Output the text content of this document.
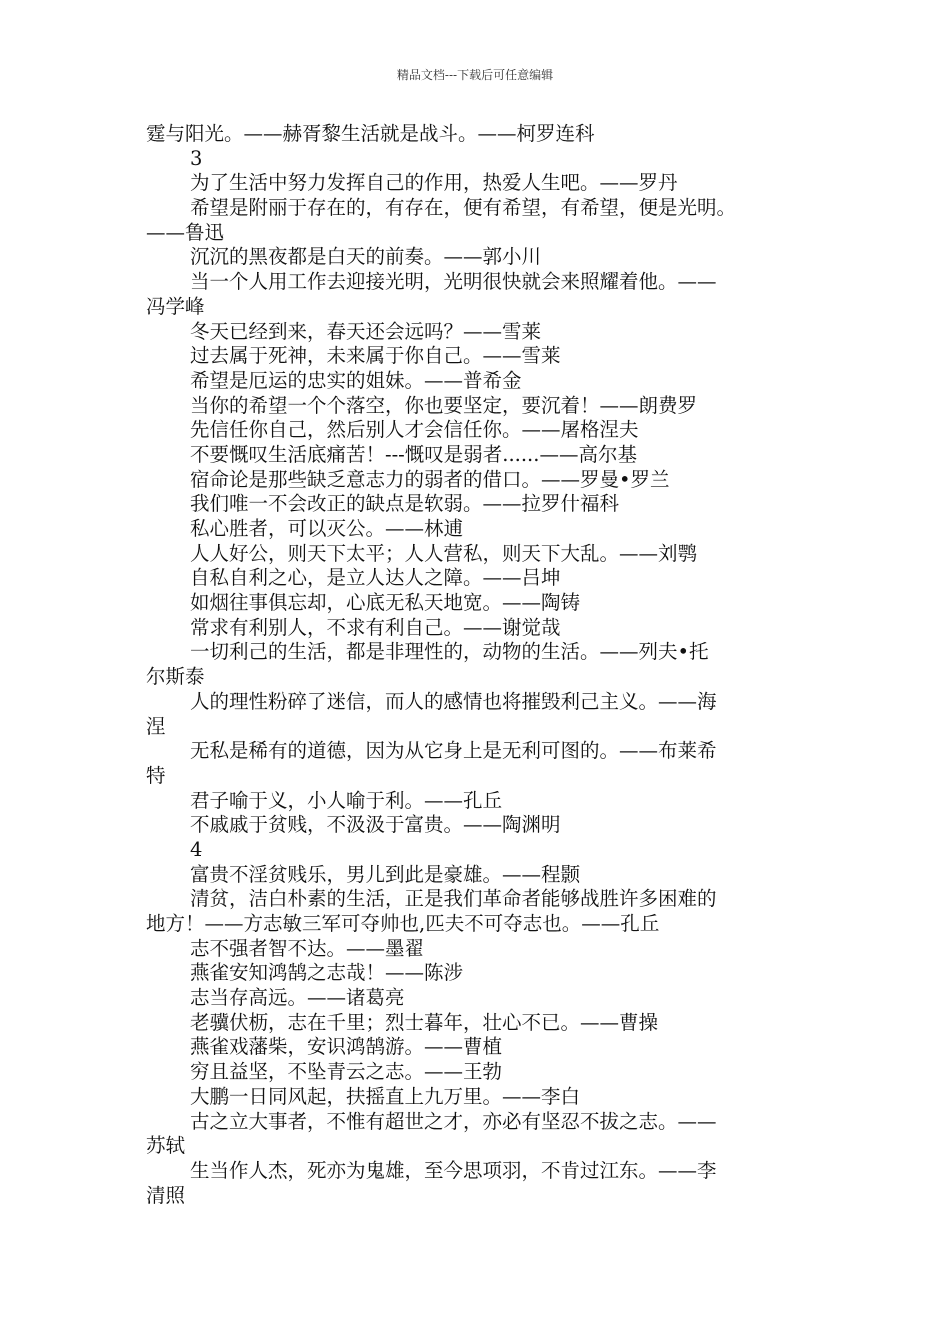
精品文档---下载后可任意编辑
霆与阳光。——赫胥黎生活就是战斗。——柯罗连科
3
为了生活中努力发挥自己的作用，热爱人生吧。——罗丹
希望是附丽于存在的，有存在，便有希望，有希望，便是光明。
——鲁迅
沉沉的黑夜都是白天的前奏。——郭小川
当一个人用工作去迎接光明，光明很快就会来照耀着他。——
冯学峰
冬天已经到来，春天还会远吗？——雪莱
过去属于死神，未来属于你自己。——雪莱
希望是厄运的忠实的姐妹。——普希金
当你的希望一个个落空，你也要坚定，要沉着！——朗费罗
先信任你自己，然后别人才会信任你。——屠格涅夫
不要慨叹生活底痛苦！---慨叹是弱者......——高尔基
宿命论是那些缺乏意志力的弱者的借口。——罗曼•罗兰
我们唯一不会改正的缺点是软弱。——拉罗什福科
私心胜者，可以灭公。——林逋
人人好公，则天下太平；人人营私，则天下大乱。——刘鹗
自私自利之心，是立人达人之障。——吕坤
如烟往事俱忘却，心底无私天地宽。——陶铸
常求有利别人，不求有利自己。——谢觉哉
一切利己的生活，都是非理性的，动物的生活。——列夫•托
尔斯泰
人的理性粉碎了迷信，而人的感情也将摧毁利己主义。——海
涅
无私是稀有的道德，因为从它身上是无利可图的。——布莱希
特
君子喻于义，小人喻于利。——孔丘
不戚戚于贫贱，不汲汲于富贵。——陶渊明
4
富贵不淫贫贱乐，男儿到此是豪雄。——程颢
清贫，洁白朴素的生活，正是我们革命者能够战胜许多困难的
地方！——方志敏三军可夺帅也,匹夫不可夺志也。——孔丘
志不强者智不达。——墨翟
燕雀安知鸿鹄之志哉！——陈涉
志当存高远。——诸葛亮
老骥伏枥，志在千里；烈士暮年，壮心不已。——曹操
燕雀戏藩柴，安识鸿鹄游。——曹植
穷且益坚，不坠青云之志。——王勃
大鹏一日同风起，扶摇直上九万里。——李白
古之立大事者，不惟有超世之才，亦必有坚忍不拔之志。——
苏轼
生当作人杰，死亦为鬼雄，至今思项羽，不肯过江东。——李
清照
